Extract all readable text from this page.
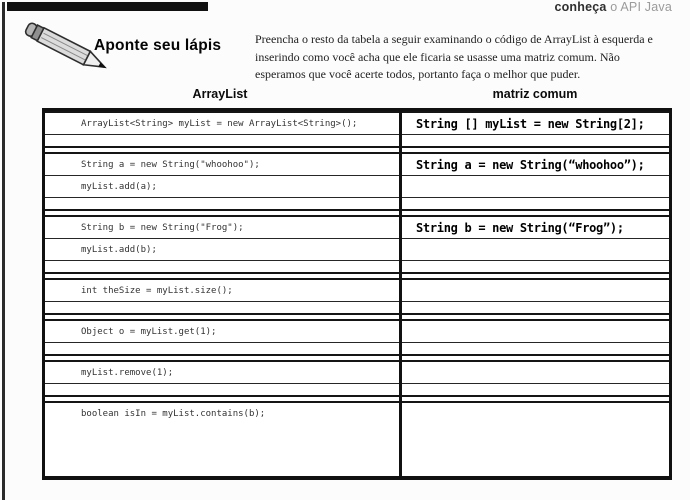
conheça o API Java
Aponte seu lápis	Preencha o resto da tabela a seguir examinando o código de ArrayList à esquerda e inserindo como você acha que ele ficaria se usasse uma matriz comum. Não esperamos que você acerte todos, portanto faça o melhor que puder.
ArrayList	matriz comum
ArrayList<String> myList = new ArrayList<String>();	String [] myList = new String[2];
String a = new String("whoohoo");	String a = new String(“whoohoo”);
myList.add(a);
String b = new String("Frog");	String b = new String(“Frog”);
myList.add(b);
int theSize = myList.size();
Object o = myList.get(1);
myList.remove(1);
boolean isIn = myList.contains(b);
